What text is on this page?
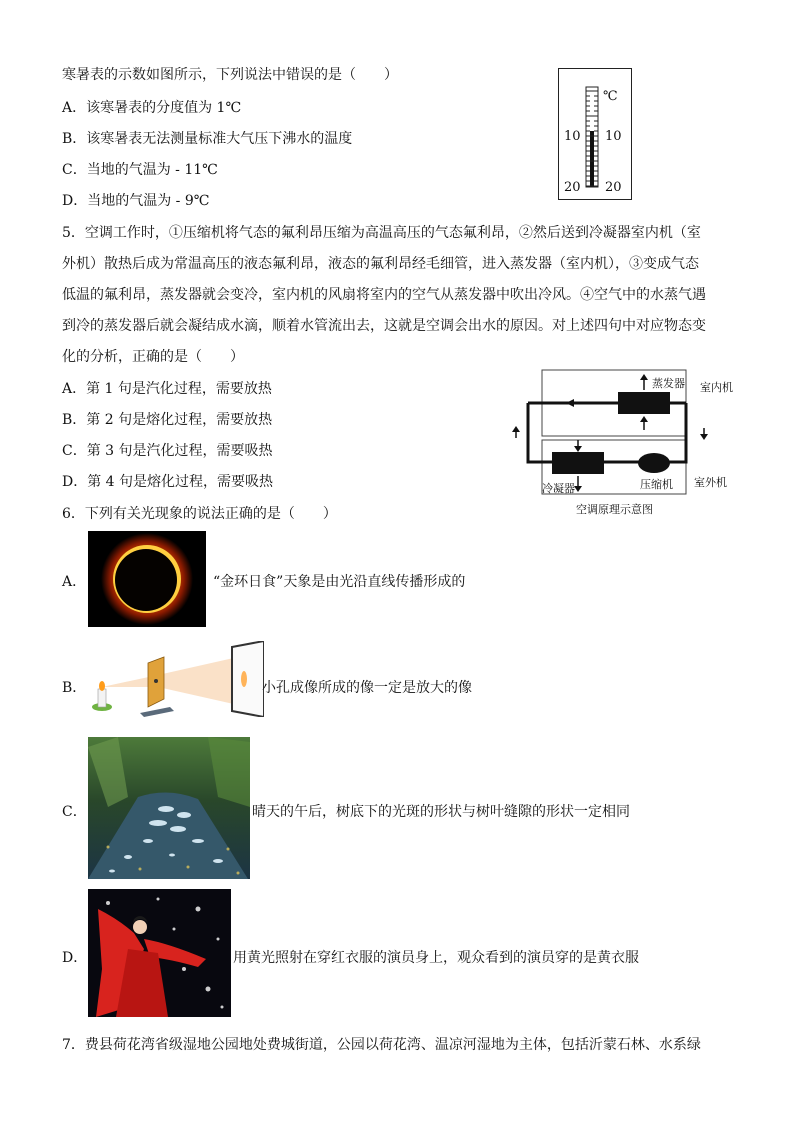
寒暑表的示数如图所示，下列说法中错误的是（　　）
A．该寒暑表的分度值为 1℃
B．该寒暑表无法测量标准大气压下沸水的温度
C．当地的气温为 - 11℃
D．当地的气温为 - 9℃
℃
10 10
20 20
5．空调工作时，①压缩机将气态的氟利昂压缩为高温高压的气态氟利昂，②然后送到冷凝器室内机（室
外机）散热后成为常温高压的液态氟利昂，液态的氟利昂经毛细管，进入蒸发器（室内机），③变成气态
低温的氟利昂，蒸发器就会变冷，室内机的风扇将室内的空气从蒸发器中吹出冷风。④空气中的水蒸气遇
到冷的蒸发器后就会凝结成水滴，顺着水管流出去，这就是空调会出水的原因。对上述四句中对应物态变
化的分析，正确的是（　　）
A．第 1 句是汽化过程，需要放热
B．第 2 句是熔化过程，需要放热
C．第 3 句是汽化过程，需要吸热
D．第 4 句是熔化过程，需要吸热
蒸发器 室内机
冷凝器	压缩机 室外机
空调原理示意图
6．下列有关光现象的说法正确的是（　　）
A．	“金环日食”天象是由光沿直线传播形成的
B．	小孔成像所成的像一定是放大的像
C．	晴天的午后，树底下的光斑的形状与树叶缝隙的形状一定相同
D．	用黄光照射在穿红衣服的演员身上，观众看到的演员穿的是黄衣服
7．费县荷花湾省级湿地公园地处费城街道，公园以荷花湾、温凉河湿地为主体，包括沂蒙石林、水系绿
